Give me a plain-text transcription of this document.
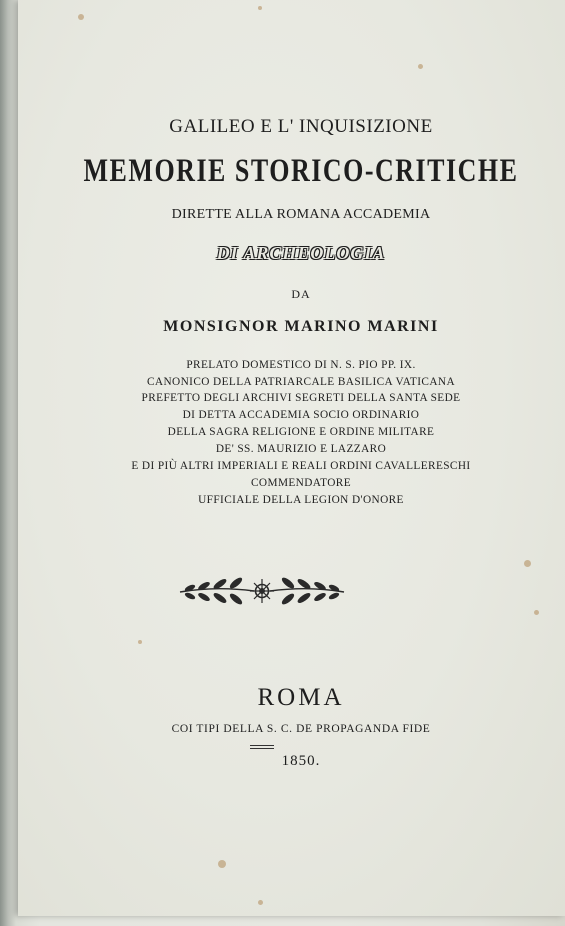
GALILEO E L' INQUISIZIONE
MEMORIE STORICO-CRITICHE
DIRETTE ALLA ROMANA ACCADEMIA
DI ARCHEOLOGIA
DA
MONSIGNOR MARINO MARINI
PRELATO DOMESTICO DI N. S. PIO PP. IX.
CANONICO DELLA PATRIARCALE BASILICA VATICANA
PREFETTO DEGLI ARCHIVI SEGRETI DELLA SANTA SEDE
DI DETTA ACCADEMIA SOCIO ORDINARIO
DELLA SAGRA RELIGIONE E ORDINE MILITARE
DE' SS. MAURIZIO E LAZZARO
E DI PIÙ ALTRI IMPERIALI E REALI ORDINI CAVALLERESCHI
COMMENDATORE
UFFICIALE DELLA LEGION D'ONORE
ROMA
COI TIPI DELLA S. C. DE PROPAGANDA FIDE
1850.
